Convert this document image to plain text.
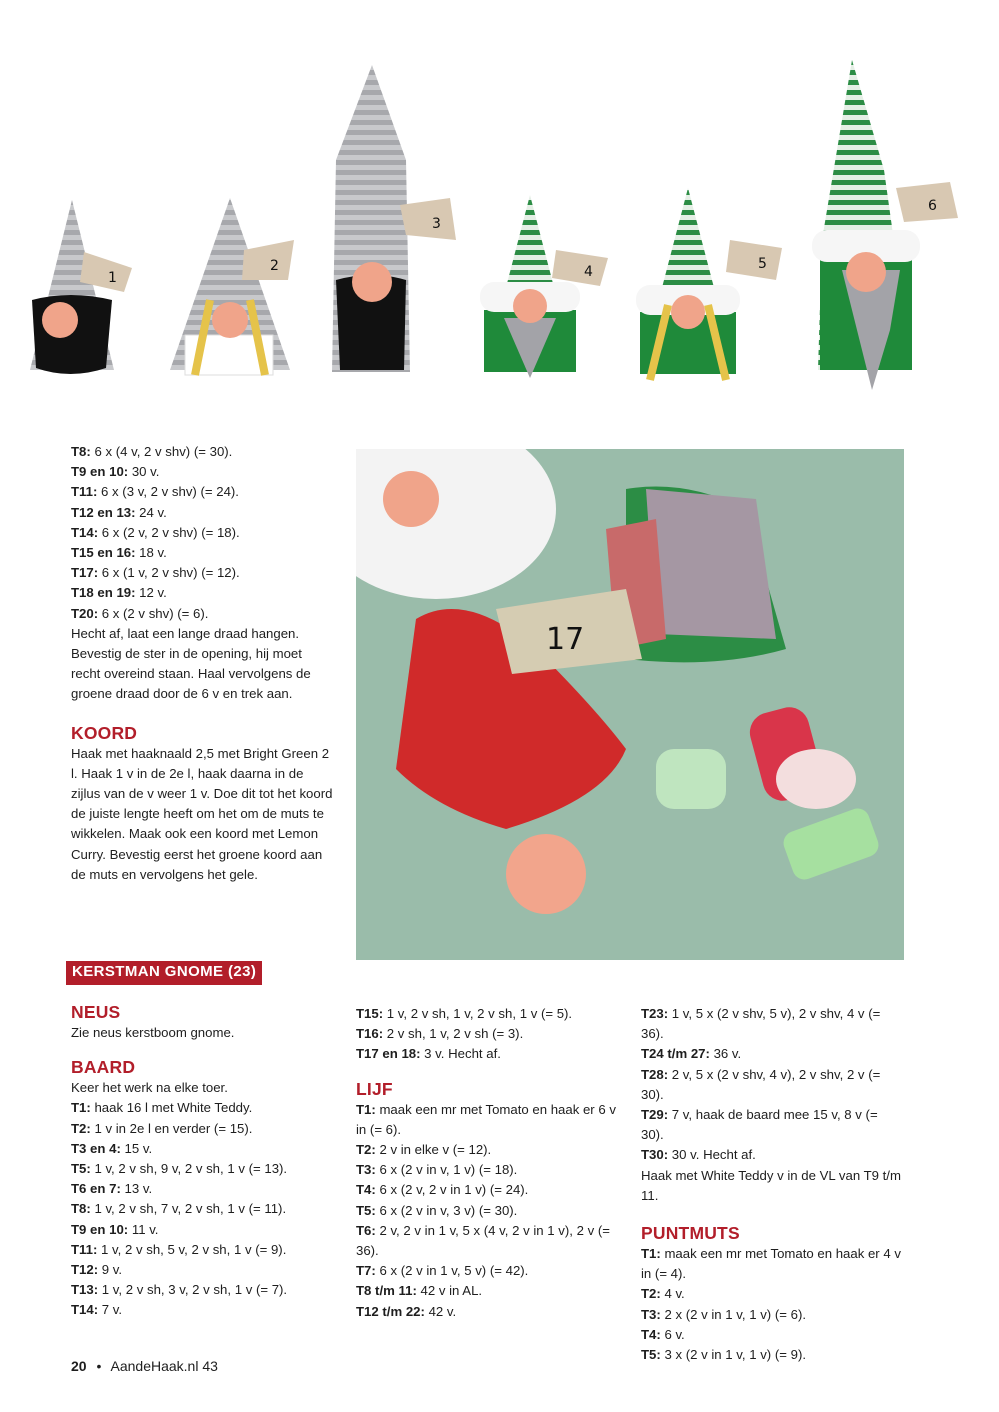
1
2
3
4	5
6
17
T8: 6 x (4 v, 2 v shv) (= 30).
T9 en 10: 30 v.
T11: 6 x (3 v, 2 v shv) (= 24).
T12 en 13: 24 v.
T14: 6 x (2 v, 2 v shv) (= 18).
T15 en 16: 18 v.
T17: 6 x (1 v, 2 v shv) (= 12).
T18 en 19: 12 v.
T20: 6 x (2 v shv) (= 6).

Hecht af, laat een lange draad hangen. Bevestig de ster in de opening, hij moet recht overeind staan. Haal vervolgens de groene draad door de 6 v en trek aan.

KOORD

Haak met haaknaald 2,5 met Bright Green 2 l. Haak 1 v in de 2e l, haak daarna in de zijlus van de v weer 1 v. Doe dit tot het koord de juiste lengte heeft om het om de muts te wikkelen. Maak ook een koord met Lemon Curry. Bevestig eerst het groene koord aan de muts en vervolgens het gele.

KERSTMAN GNOME (23)
NEUS

Zie neus kerstboom gnome.

BAARD

Keer het werk na elke toer.

T1: haak 16 l met White Teddy.
T2: 1 v in 2e l en verder (= 15).
T3 en 4: 15 v.
T5: 1 v, 2 v sh, 9 v, 2 v sh, 1 v (= 13).
T6 en 7: 13 v.
T8: 1 v, 2 v sh, 7 v, 2 v sh, 1 v (= 11).
T9 en 10: 11 v.
T11: 1 v, 2 v sh, 5 v, 2 v sh, 1 v (= 9).
T12: 9 v.
T13: 1 v, 2 v sh, 3 v, 2 v sh, 1 v (= 7).
T14: 7 v.
T15: 1 v, 2 v sh, 1 v, 2 v sh, 1 v (= 5).
T16: 2 v sh, 1 v, 2 v sh (= 3).
T17 en 18: 3 v. Hecht af.
LIJF
T1: maak een mr met Tomato en haak er 6 v in (= 6).
T2: 2 v in elke v (= 12).
T3: 6 x (2 v in v, 1 v) (= 18).
T4: 6 x (2 v, 2 v in 1 v) (= 24).
T5: 6 x (2 v in v, 3 v) (= 30).
T6: 2 v, 2 v in 1 v, 5 x (4 v, 2 v in 1 v), 2 v (= 36).
T7: 6 x (2 v in 1 v, 5 v) (= 42).
T8 t/m 11: 42 v in AL.
T12 t/m 22: 42 v.
T23: 1 v, 5 x (2 v shv, 5 v), 2 v shv, 4 v (= 36).
T24 t/m 27: 36 v.
T28: 2 v, 5 x (2 v shv, 4 v), 2 v shv, 2 v (= 30).
T29: 7 v, haak de baard mee 15 v, 8 v (= 30).
T30: 30 v. Hecht af.

Haak met White Teddy v in de VL van T9 t/m 11.

PUNTMUTS
T1: maak een mr met Tomato en haak er 4 v in (= 4).
T2: 4 v.
T3: 2 x (2 v in 1 v, 1 v) (= 6).
T4: 6 v.
T5: 3 x (2 v in 1 v, 1 v) (= 9).
20 • AandeHaak.nl 43
